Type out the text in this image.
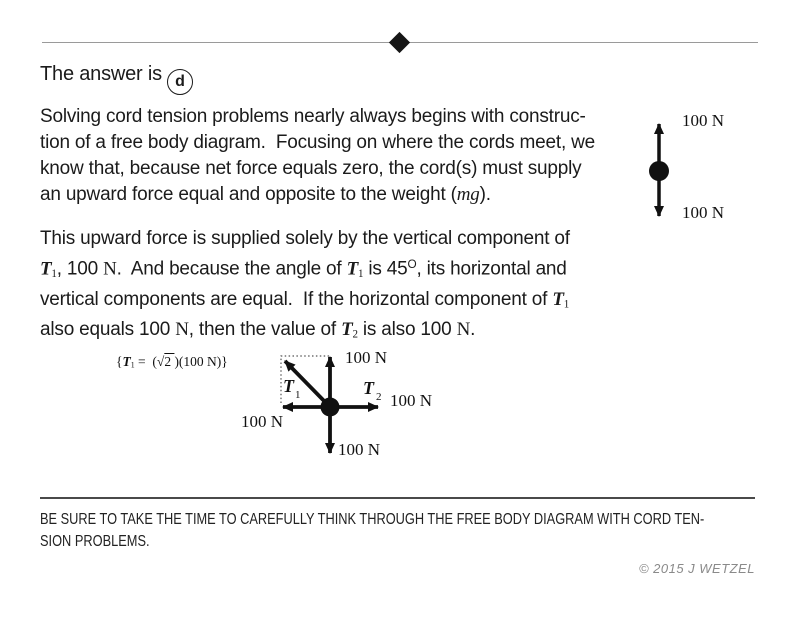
The answer is d
Solving cord tension problems nearly always begins with construc-
tion of a free body diagram.  Focusing on where the cords meet, we
know that, because net force equals zero, the cord(s) must supply
an upward force equal and opposite to the weight (mg).
This upward force is supplied solely by the vertical component of
$T_1$, 100 N.  And because the angle of $T_1$ is $45^O$, its horizontal and
vertical components are equal.  If the horizontal component of $T_1$
also equals 100 N, then the value of $T_2$ is also 100 N.
100 N
100 N
{$T_1 = (√2$ )(100 N)}	100 N
T 1	T 2 100 N
100 N
100 N
BE SURE TO TAKE THE TIME TO CAREFULLY THINK THROUGH THE FREE BODY DIAGRAM WITH CORD TEN-
SION PROBLEMS.
© 2015 J WETZEL
